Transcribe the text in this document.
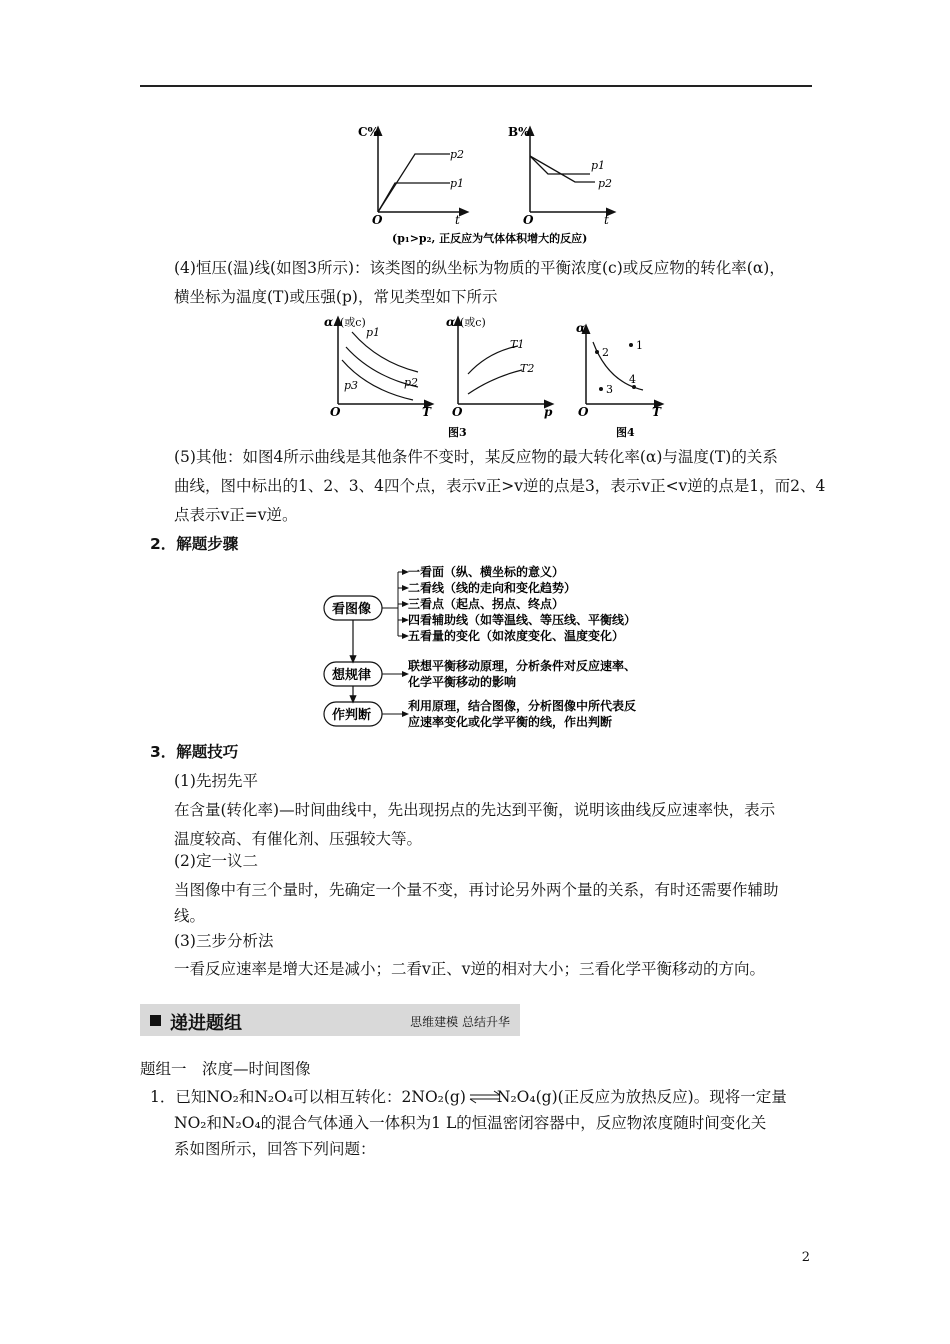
C%
p2
p1
O	t
B%
p1
p2
O	t
(p₁>p₂, 正反应为气体体积增大的反应)
(4)恒压(温)线(如图3所示)：该类图的纵坐标为物质的平衡浓度(c)或反应物的转化率(α)，
横坐标为温度(T)或压强(p)，常见类型如下所示
α (或c)
p1
p2
p3
O	T
α (或c)
T1
T2
O	p
α
1
2
3
4
O	T
图3	图4
(5)其他：如图4所示曲线是其他条件不变时，某反应物的最大转化率(α)与温度(T)的关系
曲线，图中标出的1、2、3、4四个点，表示v正>v逆的点是3，表示v正<v逆的点是1，而2、4
点表示v正=v逆。
2．解题步骤
看图像
想规律
作判断
一看面（纵、横坐标的意义）
二看线（线的走向和变化趋势）
三看点（起点、拐点、终点）
四看辅助线（如等温线、等压线、平衡线）
五看量的变化（如浓度变化、温度变化）
联想平衡移动原理，分析条件对反应速率、
化学平衡移动的影响
利用原理，结合图像，分析图像中所代表反
应速率变化或化学平衡的线，作出判断
3．解题技巧
(1)先拐先平
在含量(转化率)—时间曲线中，先出现拐点的先达到平衡，说明该曲线反应速率快，表示
温度较高、有催化剂、压强较大等。
(2)定一议二
当图像中有三个量时，先确定一个量不变，再讨论另外两个量的关系，有时还需要作辅助
线。
(3)三步分析法
一看反应速率是增大还是减小；二看v正、v逆的相对大小；三看化学平衡移动的方向。
递进题组	思维建模 总结升华
题组一　浓度—时间图像
1．已知NO₂和N₂O₄可以相互转化：2NO₂(g)　　N₂O₄(g)(正反应为放热反应)。现将一定量
NO₂和N₂O₄的混合气体通入一体积为1 L的恒温密闭容器中，反应物浓度随时间变化关
系如图所示，回答下列问题：
2
